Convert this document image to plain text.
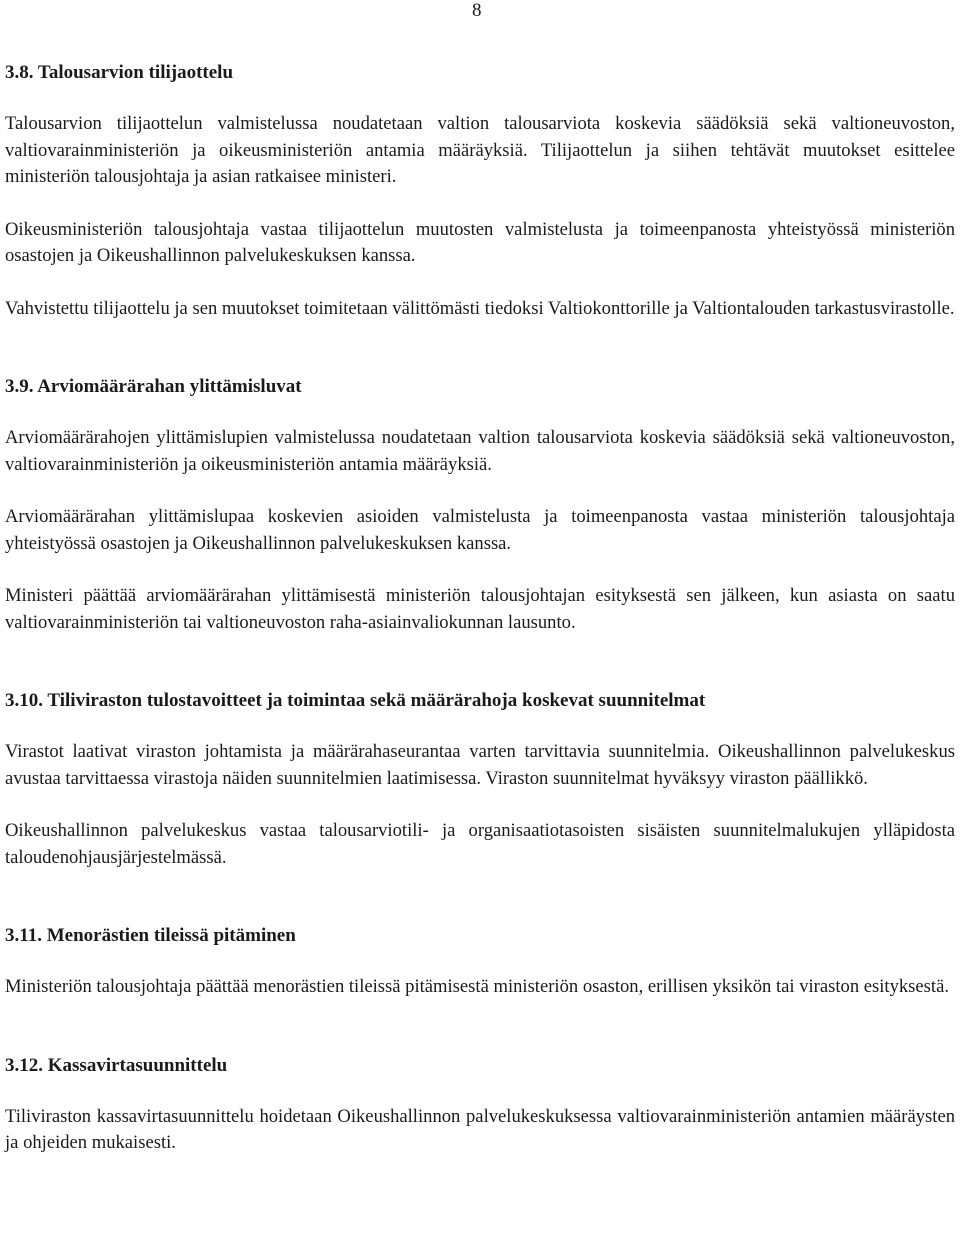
8
3.8. Talousarvion tilijaottelu

Talousarvion tilijaottelun valmistelussa noudatetaan valtion talousarviota koskevia säädöksiä sekä valtioneuvoston, valtiovarainministeriön ja oikeusministeriön antamia määräyksiä. Tilijaottelun ja siihen tehtävät muutokset esittelee ministeriön talousjohtaja ja asian ratkaisee ministeri.

Oikeusministeriön talousjohtaja vastaa tilijaottelun muutosten valmistelusta ja toimeenpanosta yhteistyössä ministeriön osastojen ja Oikeushallinnon palvelukeskuksen kanssa.

Vahvistettu tilijaottelu ja sen muutokset toimitetaan välittömästi tiedoksi Valtiokonttorille ja Valtiontalouden tarkastusvirastolle.

3.9. Arviomäärärahan ylittämisluvat

Arviomäärärahojen ylittämislupien valmistelussa noudatetaan valtion talousarviota koskevia säädöksiä sekä valtioneuvoston, valtiovarainministeriön ja oikeusministeriön antamia määräyksiä.

Arviomäärärahan ylittämislupaa koskevien asioiden valmistelusta ja toimeenpanosta vastaa ministeriön talousjohtaja yhteistyössä osastojen ja Oikeushallinnon palvelukeskuksen kanssa.

Ministeri päättää arviomäärärahan ylittämisestä ministeriön talousjohtajan esityksestä sen jälkeen, kun asiasta on saatu valtiovarainministeriön tai valtioneuvoston raha-asiainvaliokunnan lausunto.

3.10. Tiliviraston tulostavoitteet ja toimintaa sekä määrärahoja koskevat suunnitelmat

Virastot laativat viraston johtamista ja määrärahaseurantaa varten tarvittavia suunnitelmia. Oikeushallinnon palvelukeskus avustaa tarvittaessa virastoja näiden suunnitelmien laatimisessa. Viraston suunnitelmat hyväksyy viraston päällikkö.

Oikeushallinnon palvelukeskus vastaa talousarviotili- ja organisaatiotasoisten sisäisten suunnitelmalukujen ylläpidosta taloudenohjausjärjestelmässä.

3.11. Menorästien tileissä pitäminen

Ministeriön talousjohtaja päättää menorästien tileissä pitämisestä ministeriön osaston, erillisen yksikön tai viraston esityksestä.

3.12. Kassavirtasuunnittelu

Tiliviraston kassavirtasuunnittelu hoidetaan Oikeushallinnon palvelukeskuksessa valtiovarainministeriön antamien määräysten ja ohjeiden mukaisesti.
